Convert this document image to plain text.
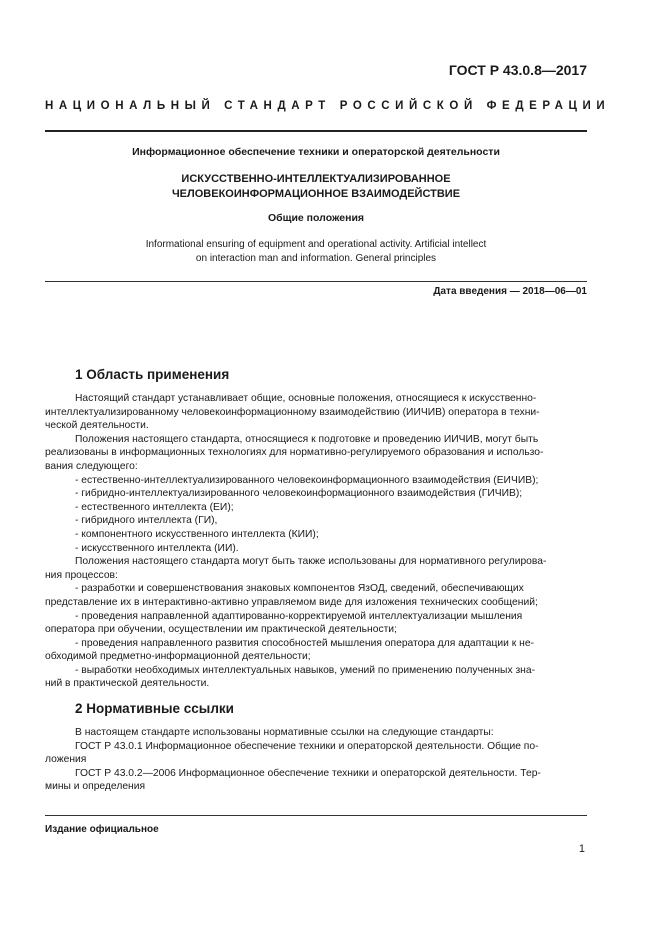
ГОСТ Р 43.0.8—2017
НАЦИОНАЛЬНЫЙ СТАНДАРТ РОССИЙСКОЙ ФЕДЕРАЦИИ
Информационное обеспечение техники и операторской деятельности
ИСКУССТВЕННО-ИНТЕЛЛЕКТУАЛИЗИРОВАННОЕ
ЧЕЛОВЕКОИНФОРМАЦИОННОЕ ВЗАИМОДЕЙСТВИЕ
Общие положения
Informational ensuring of equipment and operational activity. Artificial intellect
on interaction man and information. General principles
Дата введения — 2018—06—01
1 Область применения
Настоящий стандарт устанавливает общие, основные положения, относящиеся к искусственно-
интеллектуализированному человекоинформационному взаимодействию (ИИЧИВ) оператора в техни-
ческой деятельности.
Положения настоящего стандарта, относящиеся к подготовке и проведению ИИЧИВ, могут быть
реализованы в информационных технологиях для нормативно-регулируемого образования и использо-
вания следующего:
- естественно-интеллектуализированного человекоинформационного взаимодействия (ЕИЧИВ);
- гибридно-интеллектуализированного человекоинформационного взаимодействия (ГИЧИВ);
- естественного интеллекта (ЕИ);
- гибридного интеллекта (ГИ),
- компонентного искусственного интеллекта (КИИ);
- искусственного интеллекта (ИИ).
Положения настоящего стандарта могут быть также использованы для нормативного регулирова-
ния процессов:
- разработки и совершенствования знаковых компонентов ЯзОД, сведений, обеспечивающих
представление их в интерактивно-активно управляемом виде для изложения технических сообщений;
- проведения направленной адаптированно-корректируемой интеллектуализации мышления
оператора при обучении, осуществлении им практической деятельности;
- проведения направленного развития способностей мышления оператора для адаптации к не-
обходимой предметно-информационной деятельности;
- выработки необходимых интеллектуальных навыков, умений по применению полученных зна-
ний в практической деятельности.
2 Нормативные ссылки
В настоящем стандарте использованы нормативные ссылки на следующие стандарты:
ГОСТ Р 43.0.1 Информационное обеспечение техники и операторской деятельности. Общие по-
ложения
ГОСТ Р 43.0.2—2006 Информационное обеспечение техники и операторской деятельности. Тер-
мины и определения
Издание официальное
1
